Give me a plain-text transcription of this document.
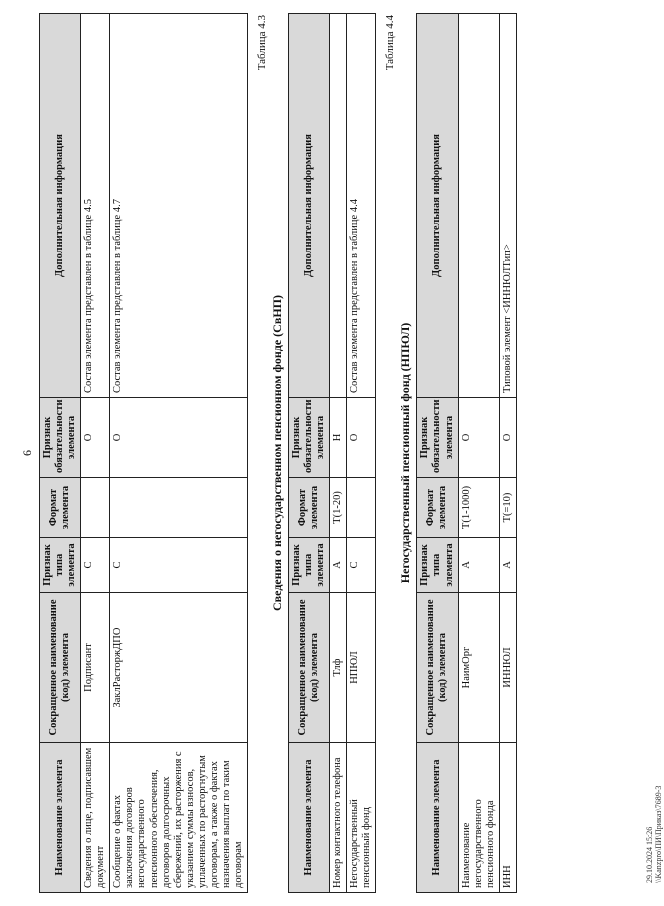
6
Наименование элемента	Сокращенное наименование (код) элемента	Признак типа элемента	Формат элемента	Признак обязательности элемента	Дополнительная информация
Сведения о лице, подписавшем документ	Подписант	С		О	Состав элемента представлен в таблице 4.5
Сообщение о фактах заключения договоров негосударственного пенсионного обеспечения, договоров долгосрочных сбережений, их расторжения с указанием суммы взносов, уплаченных по расторгнутым договорам, а также о фактах назначения выплат по таким договорам	ЗаклРасторжДПО	С		О	Состав элемента представлен в таблице 4.7
Таблица 4.3
Сведения о негосударственном пенсионном фонде (СвНП)
Наименование элемента	Сокращенное наименование (код) элемента	Признак типа элемента	Формат элемента	Признак обязательности элемента	Дополнительная информация
Номер контактного телефона	Тлф	А	T(1-20)	Н	
Негосударственный пенсионный фонд	НПЮЛ	С		О	Состав элемента представлен в таблице 4.4
Таблица 4.4
Негосударственный пенсионный фонд (НПЮЛ)
Наименование элемента	Сокращенное наименование (код) элемента	Признак типа элемента	Формат элемента	Признак обязательности элемента	Дополнительная информация
Наименование негосударственного пенсионного фонда	НаимОрг	А	T(1-1000)	О	
ИНН	ИННЮЛ	А	T(=10)	О	Типовой элемент <ИННЮЛТип>
29.10.2024 15:26 \\Kanzpro\ПИ\Приказ\7689-3
